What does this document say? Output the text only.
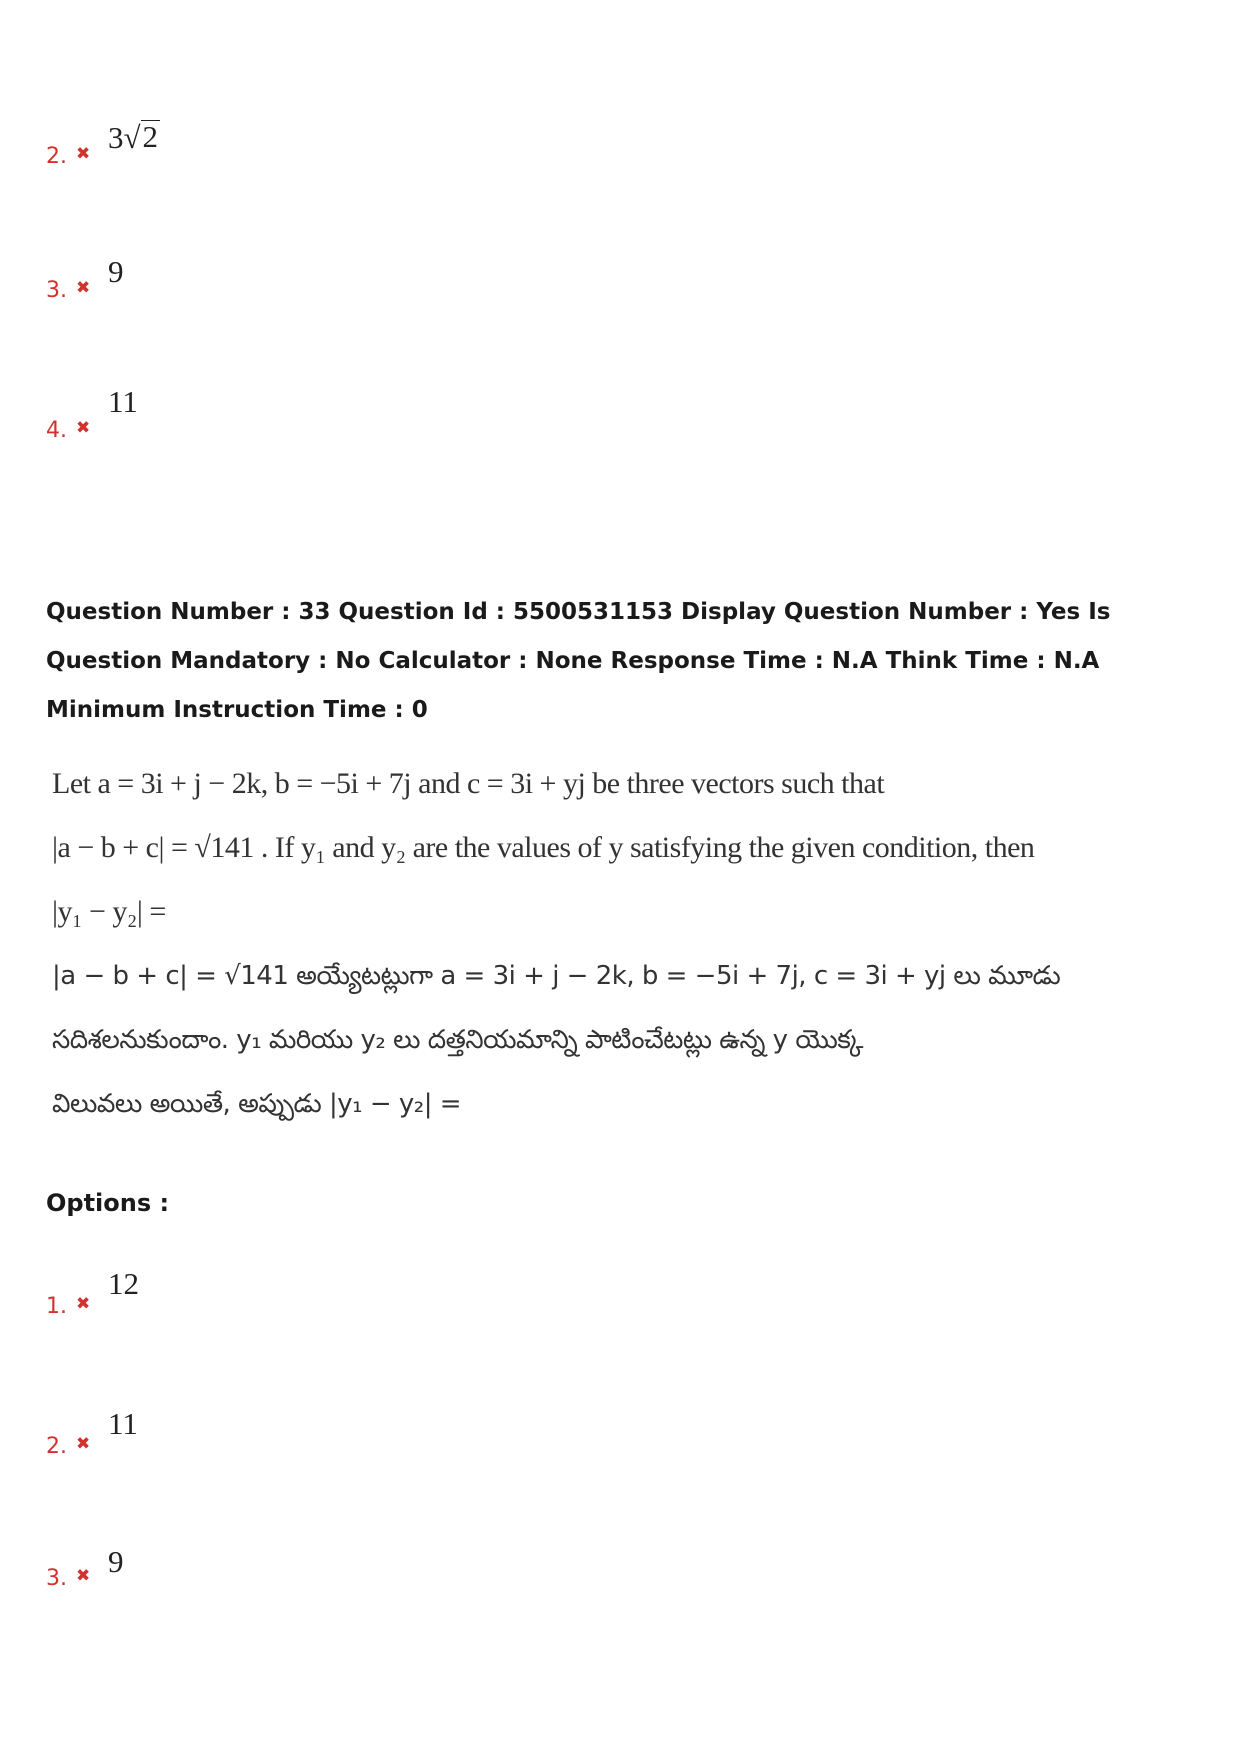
2. ✖ 3 √ 2
3. ✖ 9
4. ✖
11
Question Number : 33 Question Id : 5500531153 Display Question Number : Yes Is Question Mandatory : No Calculator : None Response Time : N.A Think Time : N.A Minimum Instruction Time : 0
Let a = 3i + j − 2k, b = −5i + 7j and c = 3i + yj be three vectors such that
|a − b + c| = √141 . If y₁ and y₂ are the values of y satisfying the given condition, then
|y₁ − y₂| =
|a − b + c| = √141 అయ్యేటట్లుగా a = 3i + j − 2k, b = −5i + 7j, c = 3i + yj లు మూడు
సదిశలనుకుందాం. y₁ మరియు y₂ లు దత్తనియమాన్ని పాటించేటట్లు ఉన్న y యొక్క
విలువలు అయితే, అప్పుడు |y₁ − y₂| =
Options :
1. ✖
12
2. ✖
11
3. ✖ 9
